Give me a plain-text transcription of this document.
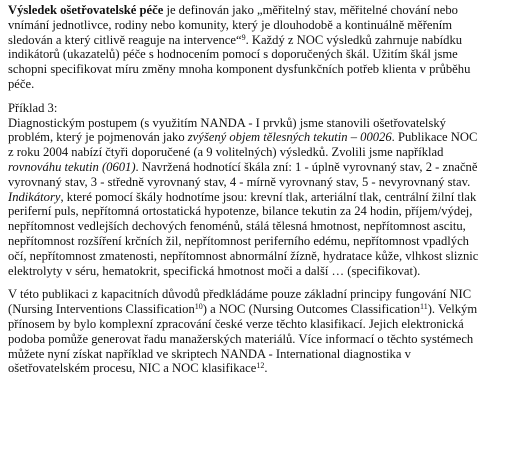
Výsledek ošetřovatelské péče je definován jako „měřitelný stav, měřitelné chování nebo
vnímání jednotlivce, rodiny nebo komunity, který je dlouhodobě a kontinuálně měřením
sledován a který citlivě reaguje na intervence“$^9$. Každý z NOC výsledků zahrnuje nabídku
indikátorů (ukazatelů) péče s hodnocením pomocí s doporučených škál. Užitím škál jsme
schopni specifikovat míru změny mnoha komponent dysfunkčních potřeb klienta v průběhu
péče.
Příklad 3:
Diagnostickým postupem (s využitím NANDA - I prvků) jsme stanovili ošetřovatelský
problém, který je pojmenován jako zvýšený objem tělesných tekutin – 00026. Publikace NOC
z roku 2004 nabízí čtyři doporučené (a 9 volitelných) výsledků. Zvolili jsme například
rovnováhu tekutin (0601). Navržená hodnotící škála zní: 1 - úplně vyrovnaný stav, 2 - značně
vyrovnaný stav, 3 - středně vyrovnaný stav, 4 - mírně vyrovnaný stav, 5 - nevyrovnaný stav.
Indikátory, které pomocí škály hodnotíme jsou: krevní tlak, arteriální tlak, centrální žilní tlak
periferní puls, nepřítomná ortostatická hypotenze, bilance tekutin za 24 hodin, příjem/výdej,
nepřítomnost vedlejších dechových fenoménů, stálá tělesná hmotnost, nepřítomnost ascitu,
nepřítomnost rozšíření krčních žil, nepřítomnost periferního edému, nepřítomnost vpadlých
očí, nepřítomnost zmatenosti, nepřítomnost abnormální žízně, hydratace kůže, vlhkost sliznic
elektrolyty v séru, hematokrit, specifická hmotnost moči a další … (specifikovat).
V této publikaci z kapacitních důvodů předkládáme pouze základní principy fungování NIC
(Nursing Interventions Classification$^{10}$) a NOC (Nursing Outcomes Classification$^{11}$). Velkým
přínosem by bylo komplexní zpracování české verze těchto klasifikací. Jejich elektronická
podoba pomůže generovat řadu manažerských materiálů. Více informací o těchto systémech
můžete nyní získat například ve skriptech NANDA - International diagnostika v
ošetřovatelském procesu, NIC a NOC klasifikace$^{12}$.
